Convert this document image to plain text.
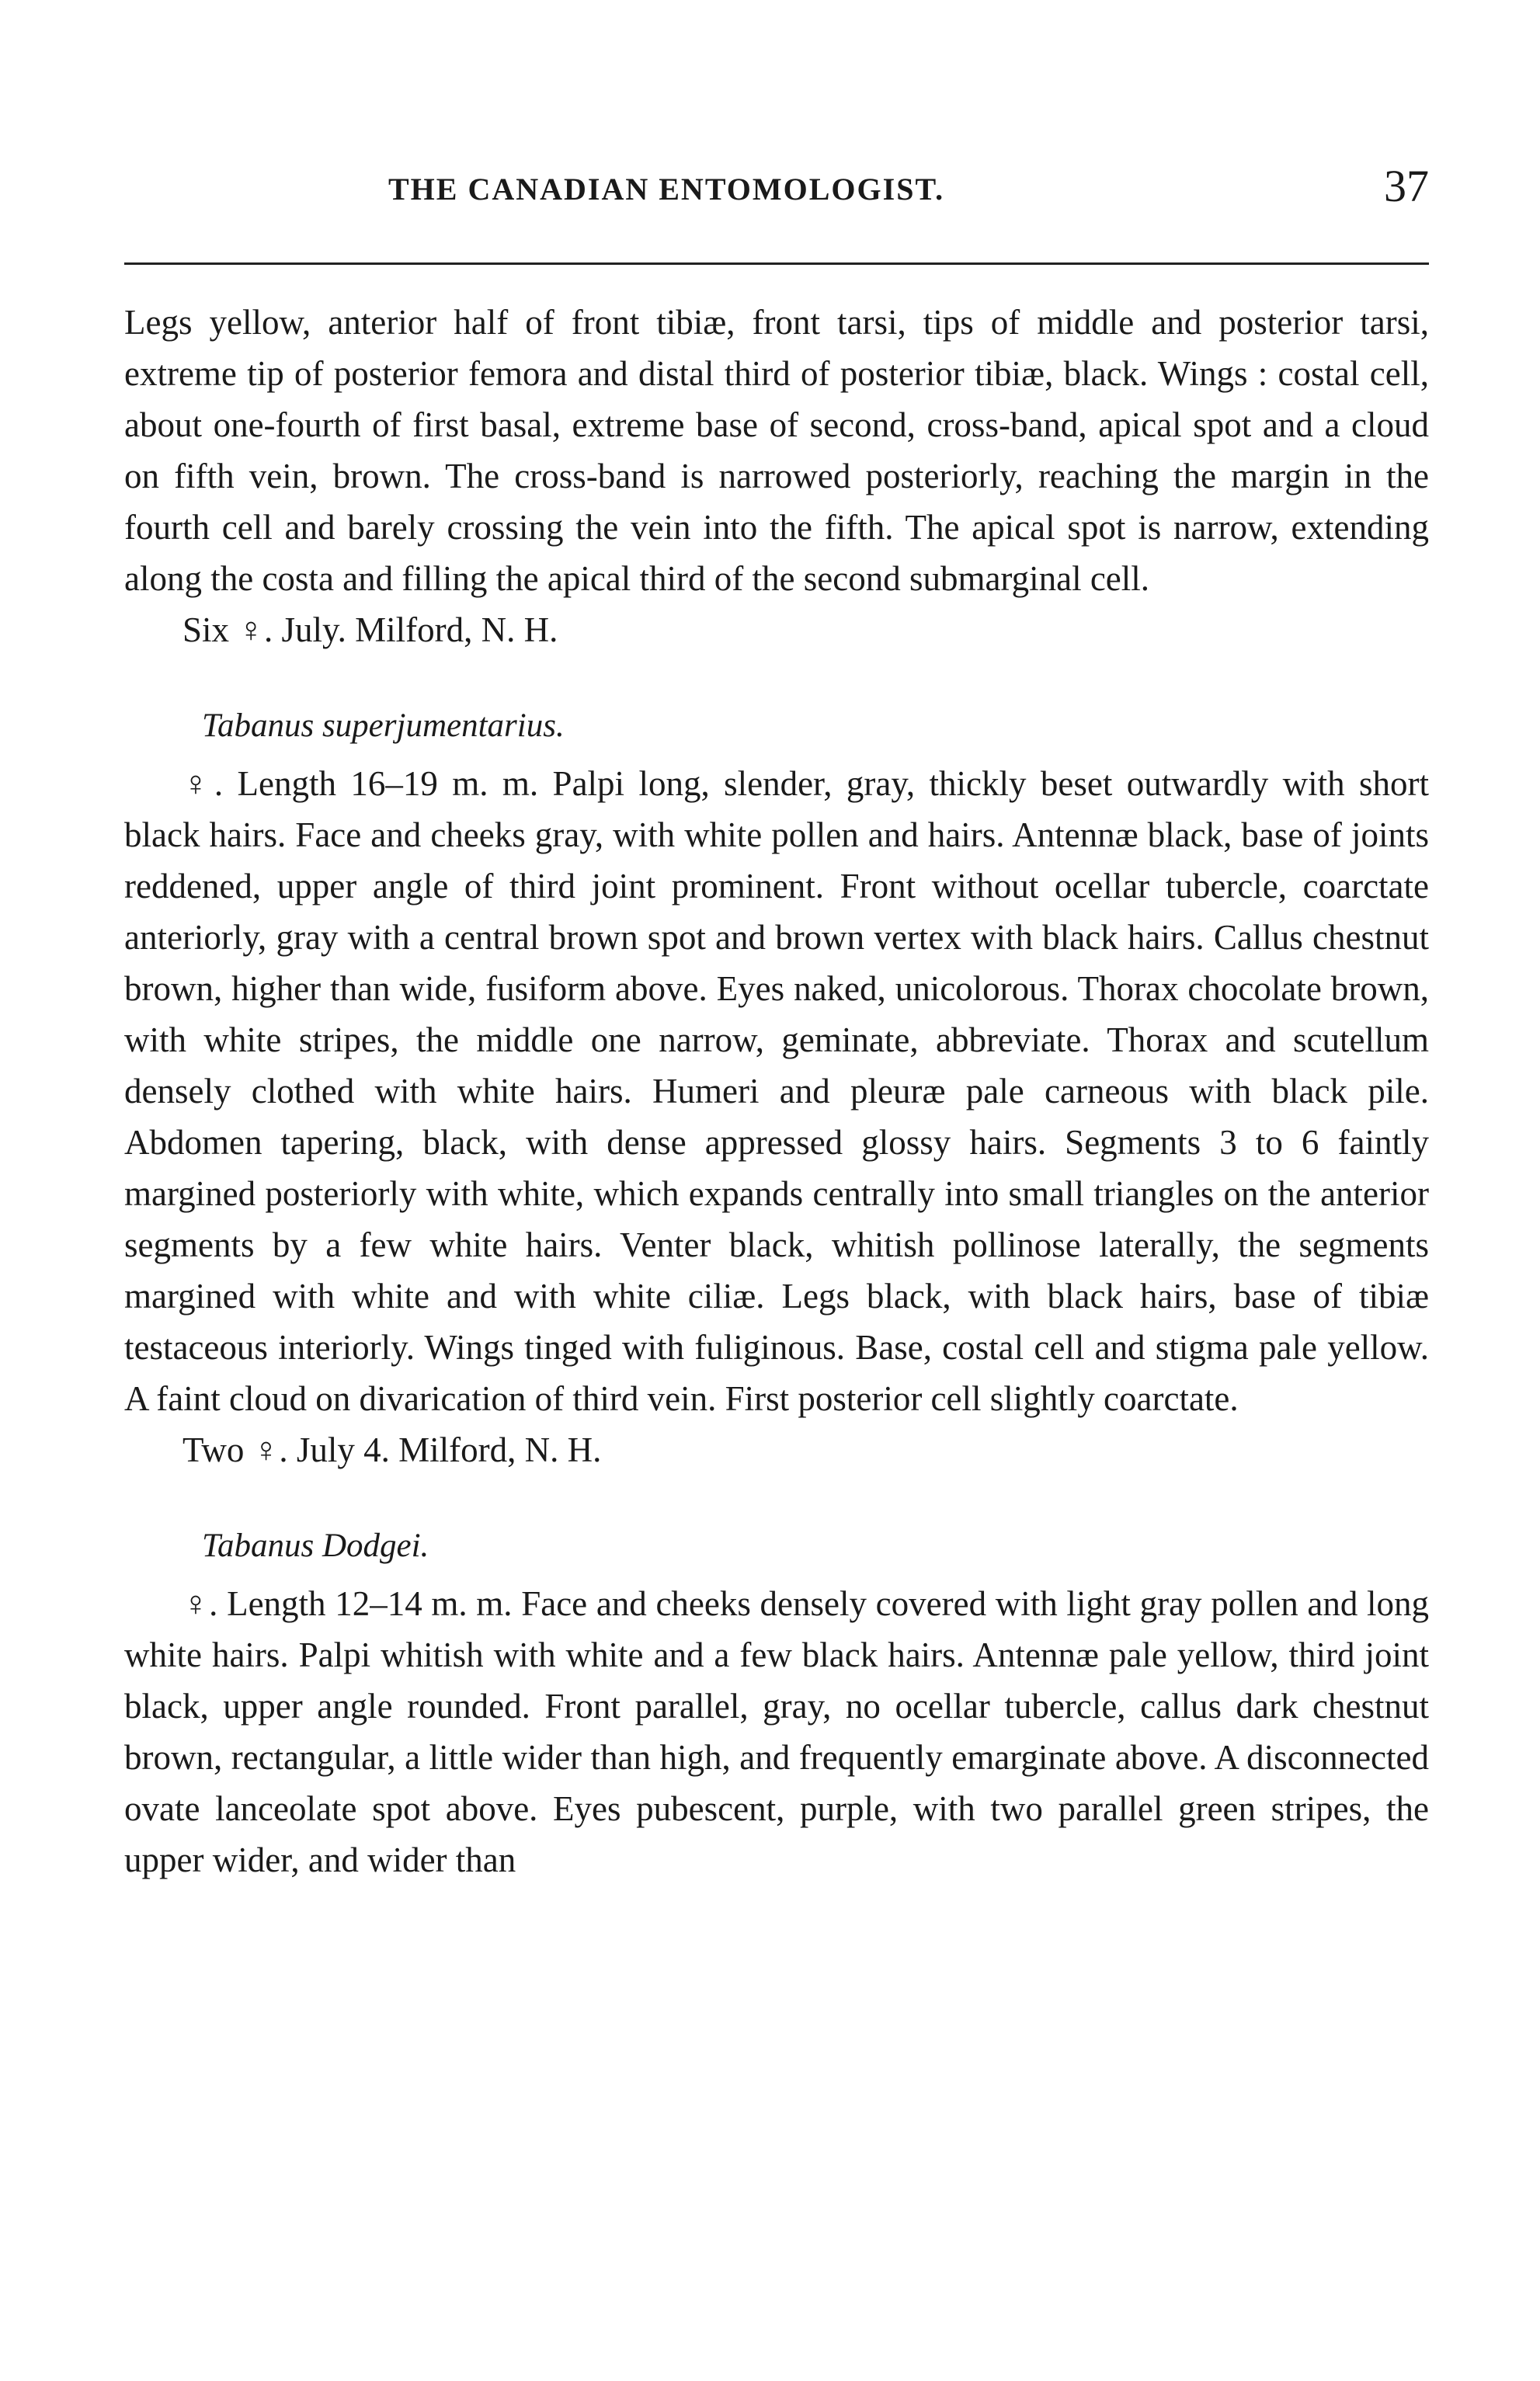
THE CANADIAN ENTOMOLOGIST.	37

Legs yellow, anterior half of front tibiæ, front tarsi, tips of middle and posterior tarsi, extreme tip of posterior femora and distal third of posterior tibiæ, black. Wings : costal cell, about one-fourth of first basal, extreme base of second, cross-band, apical spot and a cloud on fifth vein, brown. The cross-band is narrowed posteriorly, reaching the margin in the fourth cell and barely crossing the vein into the fifth. The apical spot is narrow, extending along the costa and filling the apical third of the second submarginal cell.

Six ♀. July. Milford, N. H.

Tabanus superjumentarius.

♀. Length 16–19 m. m. Palpi long, slender, gray, thickly beset outwardly with short black hairs. Face and cheeks gray, with white pollen and hairs. Antennæ black, base of joints reddened, upper angle of third joint prominent. Front without ocellar tubercle, coarctate anteriorly, gray with a central brown spot and brown vertex with black hairs. Callus chestnut brown, higher than wide, fusiform above. Eyes naked, unicolorous. Thorax chocolate brown, with white stripes, the middle one narrow, geminate, abbreviate. Thorax and scutellum densely clothed with white hairs. Humeri and pleuræ pale carneous with black pile. Abdomen tapering, black, with dense appressed glossy hairs. Segments 3 to 6 faintly margined posteriorly with white, which expands centrally into small triangles on the anterior segments by a few white hairs. Venter black, whitish pollinose laterally, the segments margined with white and with white ciliæ. Legs black, with black hairs, base of tibiæ testaceous interiorly. Wings tinged with fuliginous. Base, costal cell and stigma pale yellow. A faint cloud on divarication of third vein. First posterior cell slightly coarctate.

Two ♀. July 4. Milford, N. H.

Tabanus Dodgei.

♀. Length 12–14 m. m. Face and cheeks densely covered with light gray pollen and long white hairs. Palpi whitish with white and a few black hairs. Antennæ pale yellow, third joint black, upper angle rounded. Front parallel, gray, no ocellar tubercle, callus dark chestnut brown, rectangular, a little wider than high, and frequently emarginate above. A disconnected ovate lanceolate spot above. Eyes pubescent, purple, with two parallel green stripes, the upper wider, and wider than
